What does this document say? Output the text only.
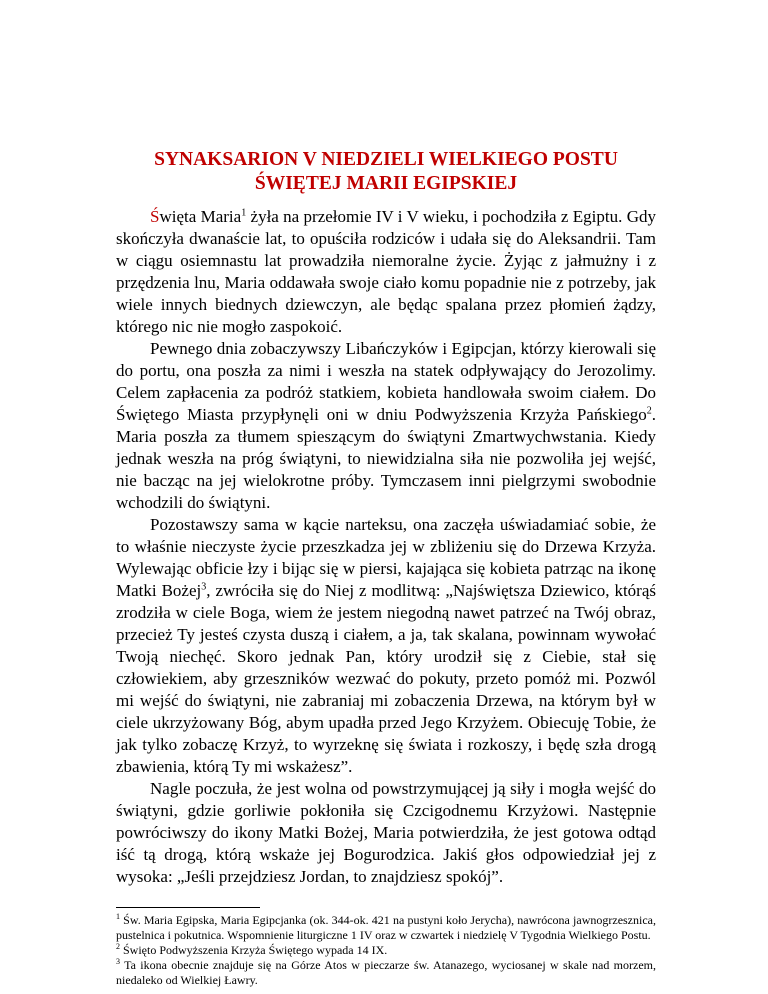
SYNAKSARION V NIEDZIELI WIELKIEGO POSTU
ŚWIĘTEJ MARII EGIPSKIEJ

Święta Maria$^1$ żyła na przełomie IV i V wieku, i pochodziła z Egiptu. Gdy skończyła dwanaście lat, to opuściła rodziców i udała się do Aleksandrii. Tam w ciągu osiemnastu lat prowadziła niemoralne życie. Żyjąc z jałmużny i z przędzenia lnu, Maria oddawała swoje ciało komu popadnie nie z potrzeby, jak wiele innych biednych dziewczyn, ale będąc spalana przez płomień żądzy, którego nic nie mogło zaspokoić.

Pewnego dnia zobaczywszy Libańczyków i Egipcjan, którzy kierowali się do portu, ona poszła za nimi i weszła na statek odpływający do Jerozolimy. Celem zapłacenia za podróż statkiem, kobieta handlowała swoim ciałem. Do Świętego Miasta przypłynęli oni w dniu Podwyższenia Krzyża Pańskiego$^2$. Maria poszła za tłumem spieszącym do świątyni Zmartwychwstania. Kiedy jednak weszła na próg świątyni, to niewidzialna siła nie pozwoliła jej wejść, nie bacząc na jej wielokrotne próby. Tymczasem inni pielgrzymi swobodnie wchodzili do świątyni.

Pozostawszy sama w kącie narteksu, ona zaczęła uświadamiać sobie, że to właśnie nieczyste życie przeszkadza jej w zbliżeniu się do Drzewa Krzyża. Wylewając obficie łzy i bijąc się w piersi, kajająca się kobieta patrząc na ikonę Matki Bożej$^3$, zwróciła się do Niej z modlitwą: „Najświętsza Dziewico, którąś zrodziła w ciele Boga, wiem że jestem niegodną nawet patrzeć na Twój obraz, przecież Ty jesteś czysta duszą i ciałem, a ja, tak skalana, powinnam wywołać Twoją niechęć. Skoro jednak Pan, który urodził się z Ciebie, stał się człowiekiem, aby grzeszników wezwać do pokuty, przeto pomóż mi. Pozwól mi wejść do świątyni, nie zabraniaj mi zobaczenia Drzewa, na którym był w ciele ukrzyżowany Bóg, abym upadła przed Jego Krzyżem. Obiecuję Tobie, że jak tylko zobaczę Krzyż, to wyrzeknę się świata i rozkoszy, i będę szła drogą zbawienia, którą Ty mi wskażesz”.

Nagle poczuła, że jest wolna od powstrzymującej ją siły i mogła wejść do świątyni, gdzie gorliwie pokłoniła się Czcigodnemu Krzyżowi. Następnie powróciwszy do ikony Matki Bożej, Maria potwierdziła, że jest gotowa odtąd iść tą drogą, którą wskaże jej Bogurodzica. Jakiś głos odpowiedział jej z wysoka: „Jeśli przejdziesz Jordan, to znajdziesz spokój”.

$^1$ Św. Maria Egipska, Maria Egipcjanka (ok. 344-ok. 421 na pustyni koło Jerycha), nawrócona jawnogrzesznica, pustelnica i pokutnica. Wspomnienie liturgiczne 1 IV oraz w czwartek i niedzielę V Tygodnia Wielkiego Postu.

$^2$ Święto Podwyższenia Krzyża Świętego wypada 14 IX.

$^3$ Ta ikona obecnie znajduje się na Górze Atos w pieczarze św. Atanazego, wyciosanej w skale nad morzem, niedaleko od Wielkiej Ławry.
